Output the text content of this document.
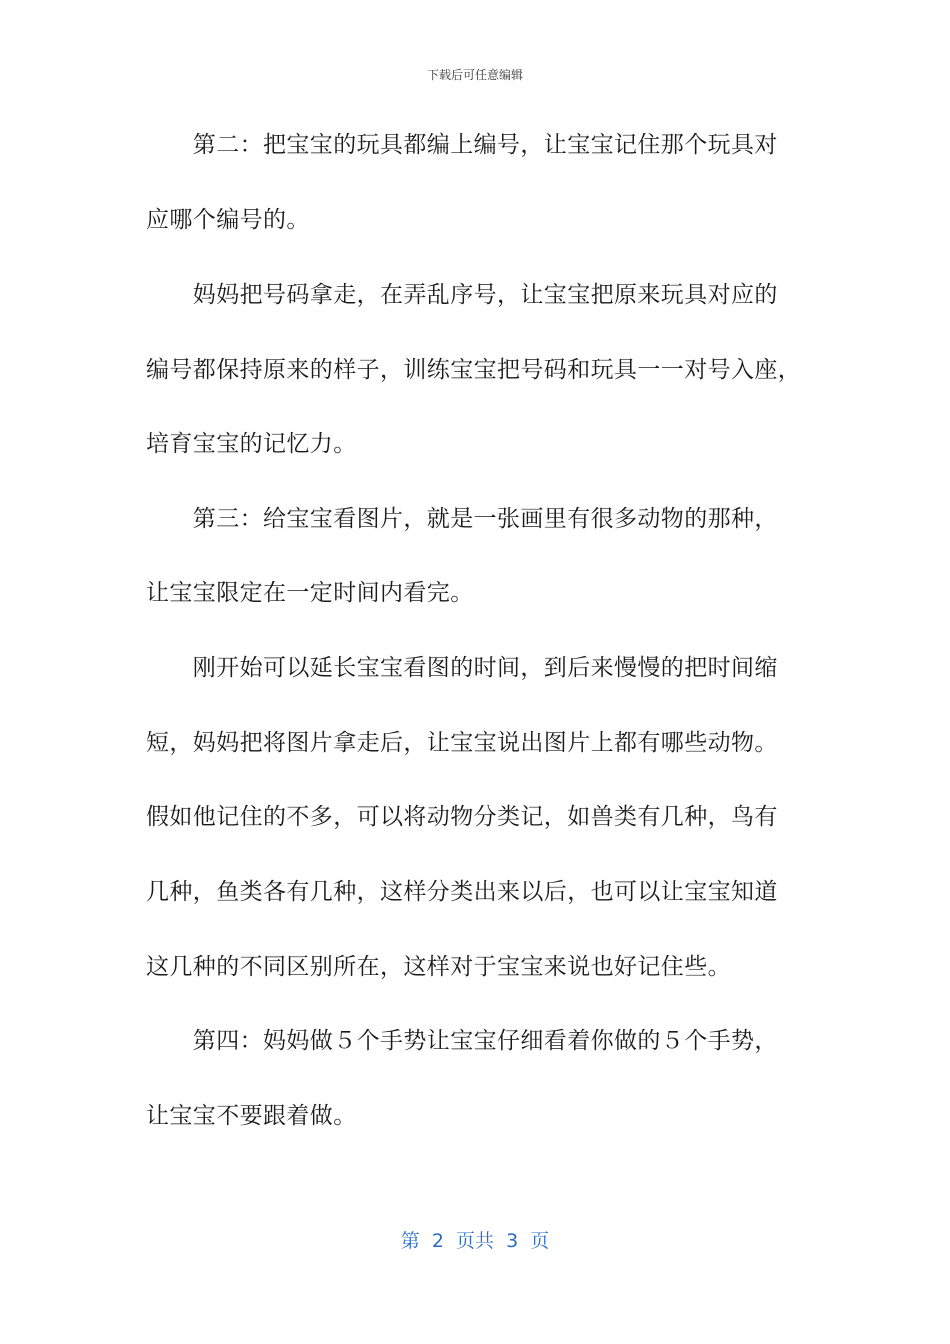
下载后可任意编辑
　　第二：把宝宝的玩具都编上编号，让宝宝记住那个玩具对
应哪个编号的。
　　妈妈把号码拿走，在弄乱序号，让宝宝把原来玩具对应的
编号都保持原来的样子，训练宝宝把号码和玩具一一对号入座，
培育宝宝的记忆力。
　　第三：给宝宝看图片，就是一张画里有很多动物的那种，
让宝宝限定在一定时间内看完。
　　刚开始可以延长宝宝看图的时间，到后来慢慢的把时间缩
短，妈妈把将图片拿走后，让宝宝说出图片上都有哪些动物。
假如他记住的不多，可以将动物分类记，如兽类有几种，鸟有
几种，鱼类各有几种，这样分类出来以后，也可以让宝宝知道
这几种的不同区别所在，这样对于宝宝来说也好记住些。
　　第四：妈妈做５个手势让宝宝仔细看着你做的５个手势，
让宝宝不要跟着做。
第  2  页共  3  页
